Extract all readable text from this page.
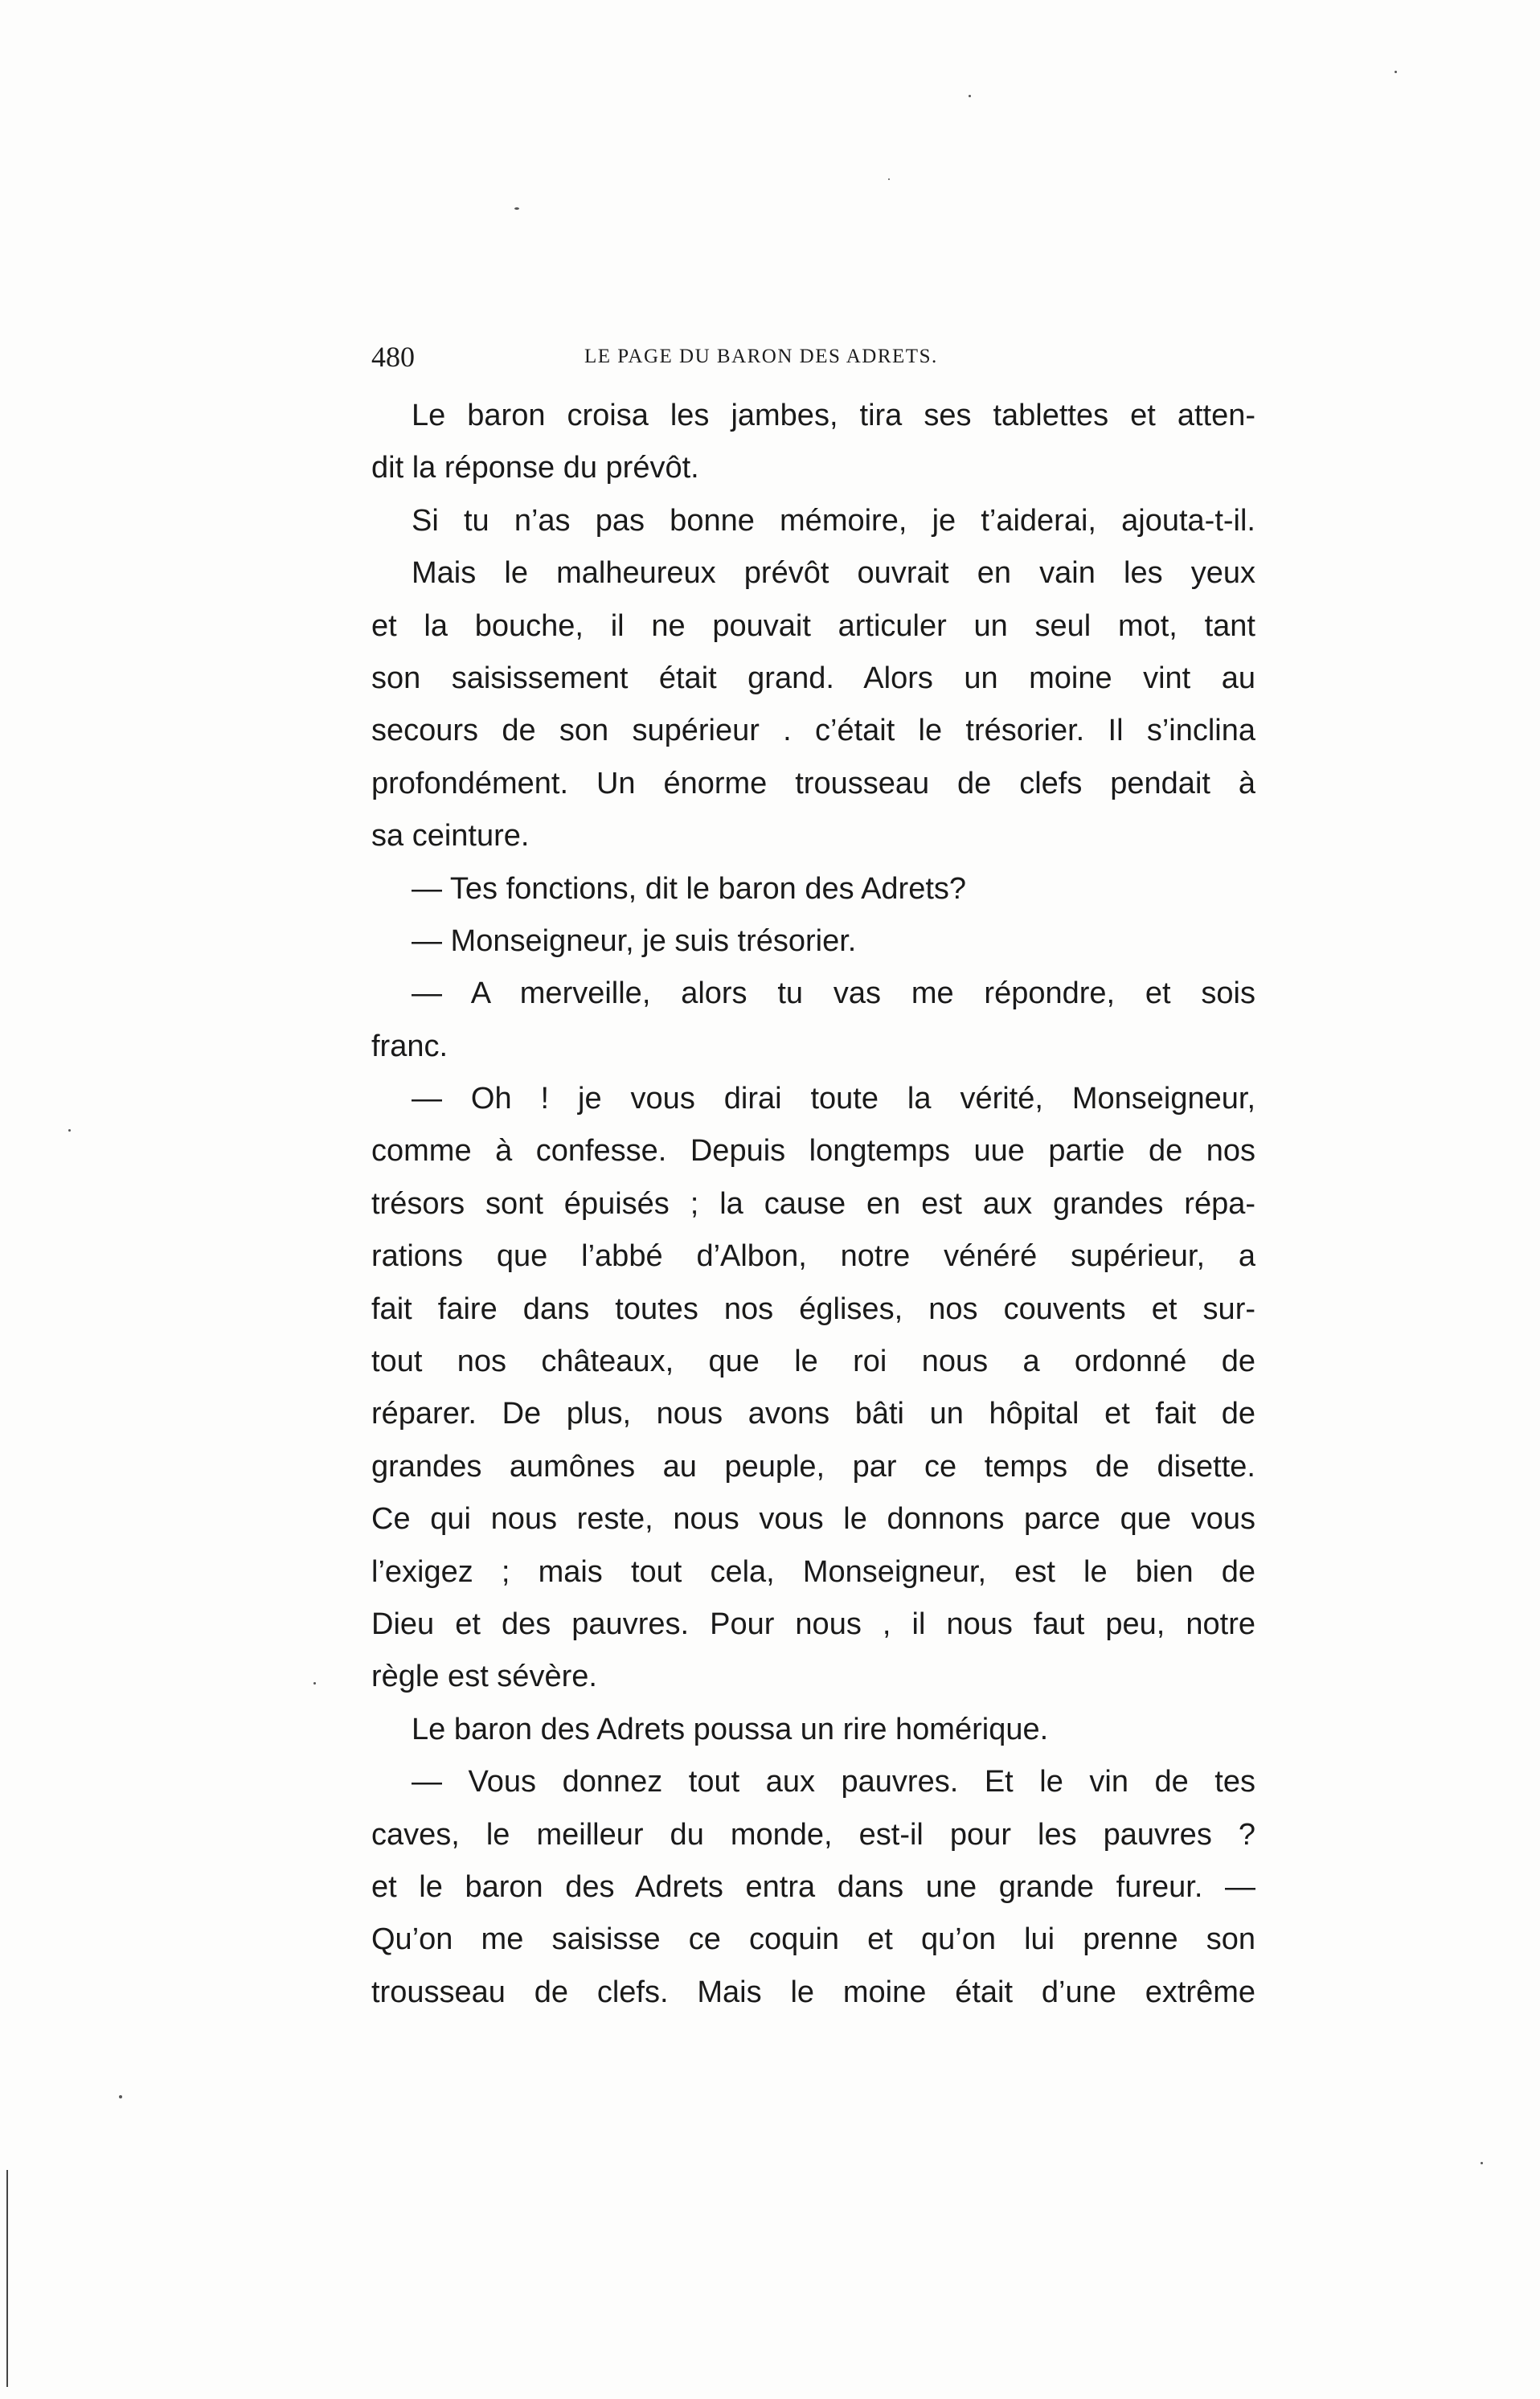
480	LE PAGE DU BARON DES ADRETS.
Le baron croisa les jambes, tira ses tablettes et atten-
dit la réponse du prévôt.
Si tu n’as pas bonne mémoire, je t’aiderai, ajouta-t-il.
Mais le malheureux prévôt ouvrait en vain les yeux
et la bouche, il ne pouvait articuler un seul mot, tant
son saisissement était grand. Alors un moine vint au
secours de son supérieur . c’était le trésorier. Il s’inclina
profondément. Un énorme trousseau de clefs pendait à
sa ceinture.
— Tes fonctions, dit le baron des Adrets?
— Monseigneur, je suis trésorier.
— A merveille, alors tu vas me répondre, et sois
franc.
— Oh ! je vous dirai toute la vérité, Monseigneur,
comme à confesse. Depuis longtemps uue partie de nos
trésors sont épuisés ; la cause en est aux grandes répa-
rations que l’abbé d’Albon, notre vénéré supérieur, a
fait faire dans toutes nos églises, nos couvents et sur-
tout nos châteaux, que le roi nous a ordonné de
réparer. De plus, nous avons bâti un hôpital et fait de
grandes aumônes au peuple, par ce temps de disette.
Ce qui nous reste, nous vous le donnons parce que vous
l’exigez ; mais tout cela, Monseigneur, est le bien de
Dieu et des pauvres. Pour nous , il nous faut peu, notre
règle est sévère.
Le baron des Adrets poussa un rire homérique.
— Vous donnez tout aux pauvres. Et le vin de tes
caves, le meilleur du monde, est-il pour les pauvres ?
et le baron des Adrets entra dans une grande fureur. —
Qu’on me saisisse ce coquin et qu’on lui prenne son
trousseau de clefs. Mais le moine était d’une extrême
